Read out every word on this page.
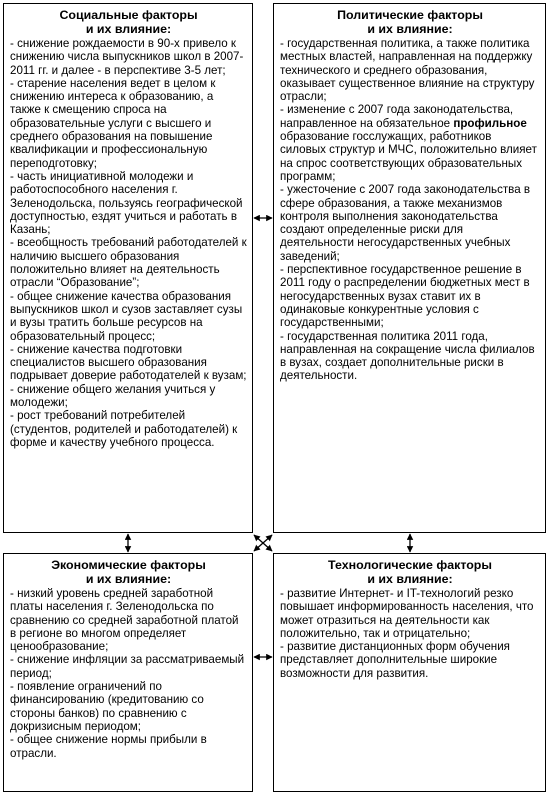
Социальные факторы
и их влияние:

- снижение рождаемости в 90-х привело к снижению числа выпускников школ в 2007-2011 гг. и далее - в перспективе 3-5 лет;

- старение населения ведет в целом к снижению интереса к образованию, а также к смещению спроса на образовательные услуги с высшего и среднего образования на повышение квалификации и профессиональную переподготовку;

- часть инициативной молодежи и работоспособного населения г. Зеленодольска, пользуясь географической доступностью, ездят учиться и работать в Казань;

- всеобщность требований работодателей к наличию высшего образования положительно влияет на деятельность отрасли “Образование”;

- общее снижение качества образования выпускников школ и сузов заставляет сузы и вузы тратить больше ресурсов на образовательный процесс;

- снижение качества подготовки специалистов высшего образования подрывает доверие работодателей к вузам;

- снижение общего желания учиться у молодежи;

- рост требований потребителей (студентов, родителей и работодателей) к форме и качеству учебного процесса.

Политические факторы
и их влияние:

- государственная политика, а также политика местных властей, направленная на поддержку технического и среднего образования, оказывает существенное влияние на структуру отрасли;

- изменение с 2007 года законодательства, направленное на обязательное профильное образование госслужащих, работников силовых структур и МЧС, положительно влияет на спрос соответствующих образовательных программ;

- ужесточение с 2007 года законодательства в сфере образования, а также механизмов контроля выполнения законодательства создают определенные риски для деятельности негосударственных учебных заведений;

- перспективное государственное решение в 2011 году о распределении бюджетных мест в негосударственных вузах ставит их в одинаковые конкурентные условия с государственными;

- государственная политика 2011 года, направленная на сокращение числа филиалов в вузах, создает дополнительные риски в деятельности.

Экономические факторы
и их влияние:

- низкий уровень средней заработной платы населения г. Зеленодольска по сравнению со средней заработной платой в регионе во многом определяет ценообразование;

- снижение инфляции за рассматриваемый период;

- появление ограничений по финансированию (кредитованию со стороны банков) по сравнению с докризисным периодом;

- общее снижение нормы прибыли в отрасли.

Технологические факторы
и их влияние:

- развитие Интернет- и IT-технологий резко повышает информированность населения, что может отразиться на деятельности как положительно, так и отрицательно;

- развитие дистанционных форм обучения представляет дополнительные широкие возможности для развития.
